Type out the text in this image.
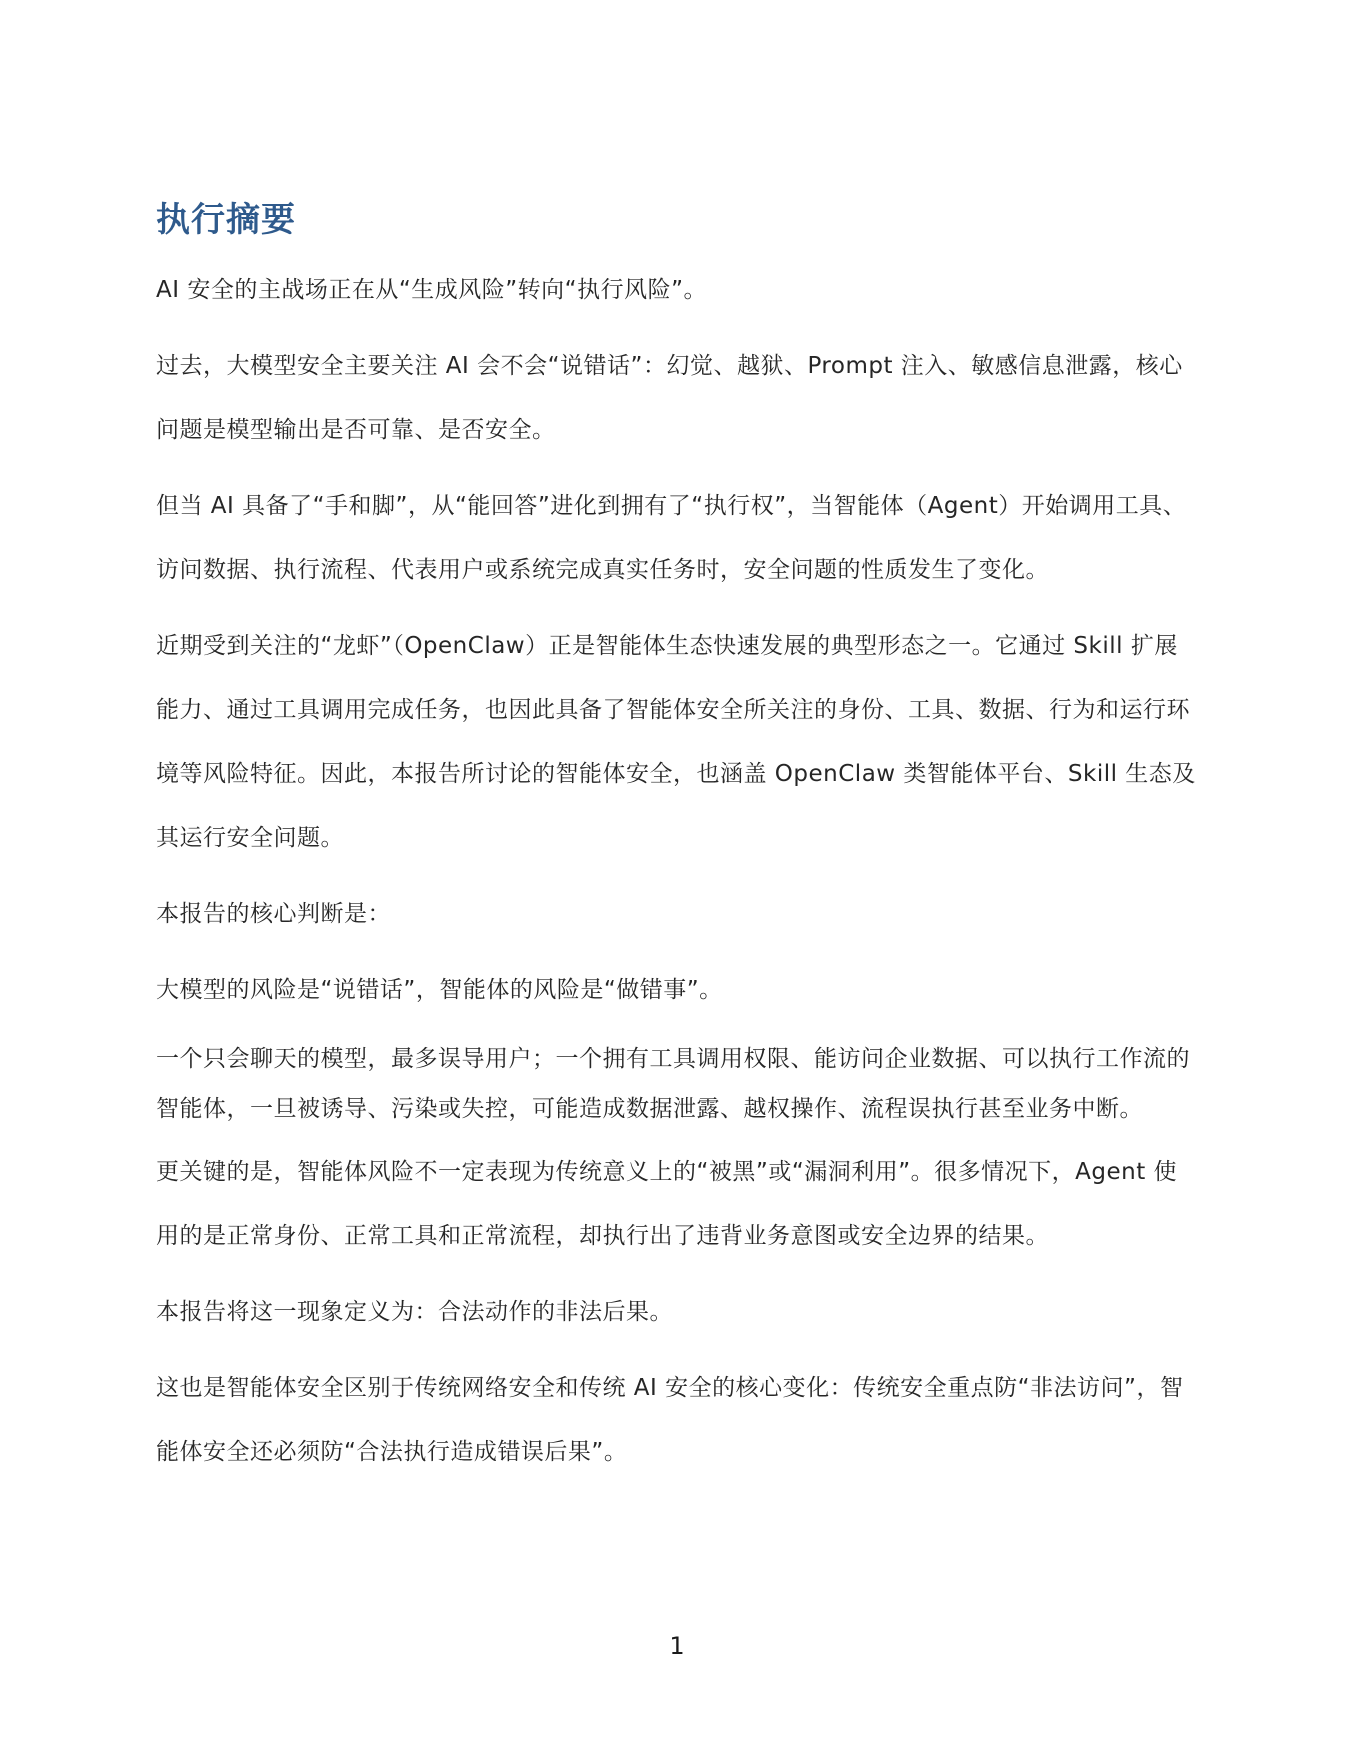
执行摘要

AI 安全的主战场正在从“生成风险”转向“执行风险”。

过去，大模型安全主要关注 AI 会不会“说错话”：幻觉、越狱、Prompt 注入、敏感信息泄露，核心问题是模型输出是否可靠、是否安全。

但当 AI 具备了“手和脚”，从“能回答”进化到拥有了“执行权”，当智能体（Agent）开始调用工具、访问数据、执行流程、代表用户或系统完成真实任务时，安全问题的性质发生了变化。

近期受到关注的“龙虾”（OpenClaw）正是智能体生态快速发展的典型形态之一。它通过 Skill 扩展能力、通过工具调用完成任务，也因此具备了智能体安全所关注的身份、工具、数据、行为和运行环境等风险特征。因此，本报告所讨论的智能体安全，也涵盖 OpenClaw 类智能体平台、Skill 生态及其运行安全问题。

本报告的核心判断是：

大模型的风险是“说错话”，智能体的风险是“做错事”。

一个只会聊天的模型，最多误导用户；一个拥有工具调用权限、能访问企业数据、可以执行工作流的智能体，一旦被诱导、污染或失控，可能造成数据泄露、越权操作、流程误执行甚至业务中断。

更关键的是，智能体风险不一定表现为传统意义上的“被黑”或“漏洞利用”。很多情况下，Agent 使用的是正常身份、正常工具和正常流程，却执行出了违背业务意图或安全边界的结果。

本报告将这一现象定义为：合法动作的非法后果。

这也是智能体安全区别于传统网络安全和传统 AI 安全的核心变化：传统安全重点防“非法访问”，智能体安全还必须防“合法执行造成错误后果”。

1
